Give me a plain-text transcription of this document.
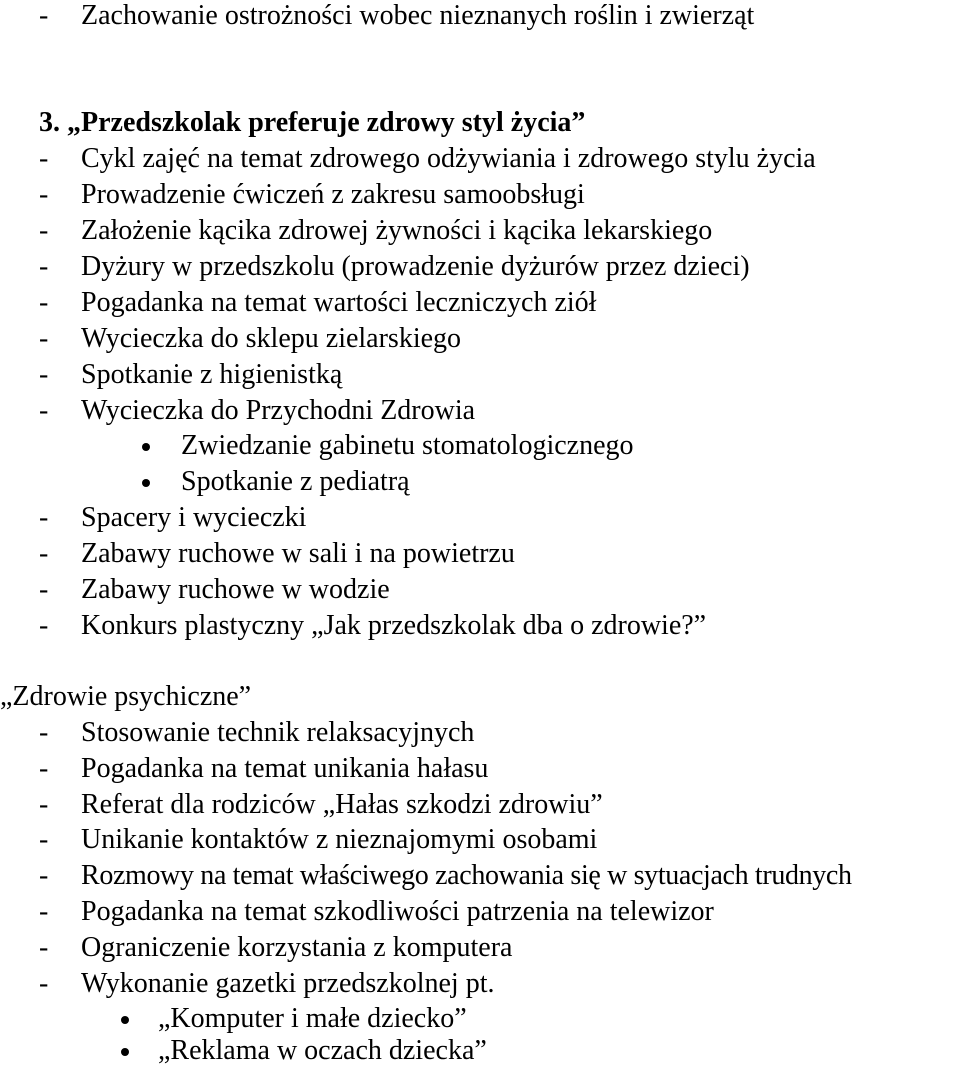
- Zachowanie ostrożności wobec nieznanych roślin i zwierząt
3. „Przedszkolak preferuje zdrowy styl życia”
- Cykl zajęć na temat zdrowego odżywiania i zdrowego stylu życia
- Prowadzenie ćwiczeń z zakresu samoobsługi
- Założenie kącika zdrowej żywności i kącika lekarskiego
- Dyżury w przedszkolu (prowadzenie dyżurów przez dzieci)
- Pogadanka na temat wartości leczniczych ziół
- Wycieczka do sklepu zielarskiego
- Spotkanie z higienistką
- Wycieczka do Przychodni Zdrowia
Zwiedzanie gabinetu stomatologicznego
Spotkanie z pediatrą
- Spacery i wycieczki
- Zabawy ruchowe w sali i na powietrzu
- Zabawy ruchowe w wodzie
- Konkurs plastyczny „Jak przedszkolak dba o zdrowie?”
„Zdrowie psychiczne”
- Stosowanie technik relaksacyjnych
- Pogadanka na temat unikania hałasu
- Referat dla rodziców „Hałas szkodzi zdrowiu”
- Unikanie kontaktów z nieznajomymi osobami
- Rozmowy na temat właściwego zachowania się w sytuacjach trudnych
- Pogadanka na temat szkodliwości patrzenia na telewizor
- Ograniczenie korzystania z komputera
- Wykonanie gazetki przedszkolnej pt.
„Komputer i małe dziecko”
„Reklama w oczach dziecka”
